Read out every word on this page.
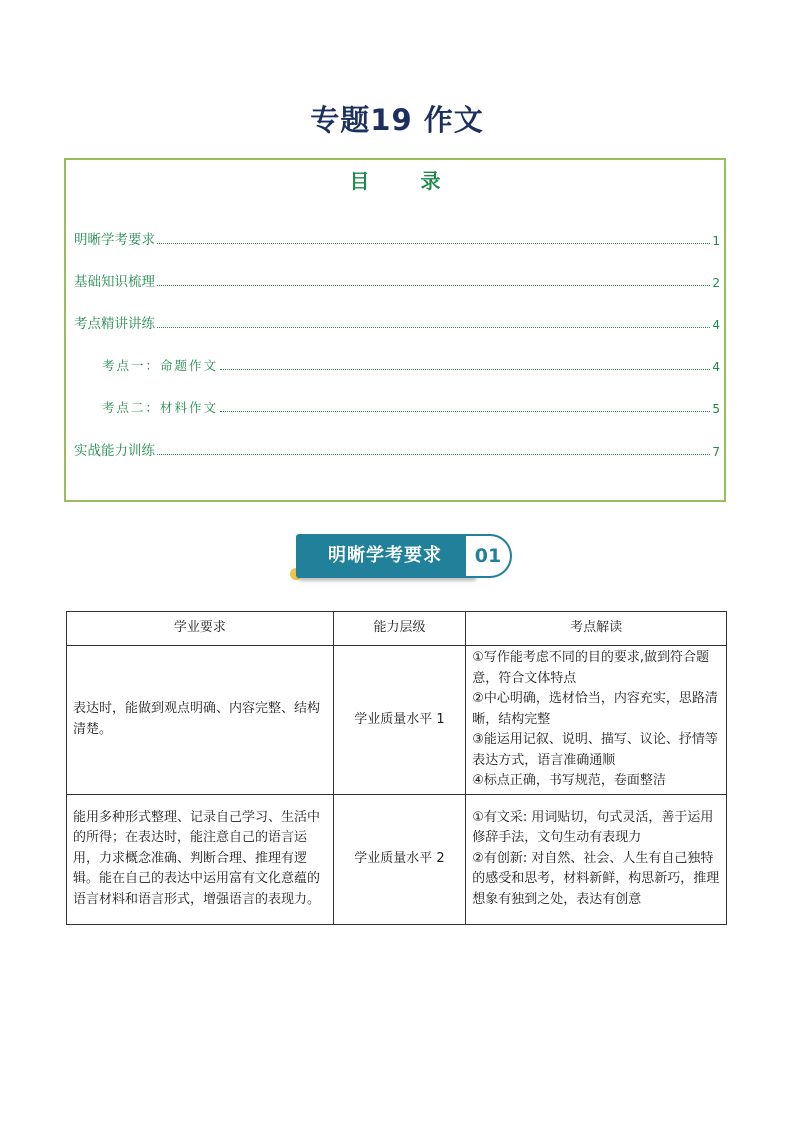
专题19 作文
目 录
明晰学考要求	1
基础知识梳理	2
考点精讲讲练	4
考点一：命题作文	4
考点二：材料作文	5
实战能力训练	7
明晰学考要求	01
学业要求	能力层级	考点解读
表达时，能做到观点明确、内容完整、结构清楚。	学业质量水平 1	①写作能考虑不同的目的要求,做到符合题意，符合文体特点
②中心明确，选材恰当，内容充实，思路清晰，结构完整
③能运用记叙、说明、描写、议论、抒情等表达方式，语言准确通顺
④标点正确，书写规范，卷面整洁

能用多种形式整理、记录自己学习、生活中的所得；在表达时，能注意自己的语言运用，力求概念准确、判断合理、推理有逻辑。能在自己的表达中运用富有文化意蕴的语言材料和语言形式，增强语言的表现力。	学业质量水平 2	①有文采: 用词贴切，句式灵活，善于运用修辞手法，文句生动有表现力
②有创新: 对自然、社会、人生有自己独特的感受和思考，材料新鲜，构思新巧，推理想象有独到之处，表达有创意
